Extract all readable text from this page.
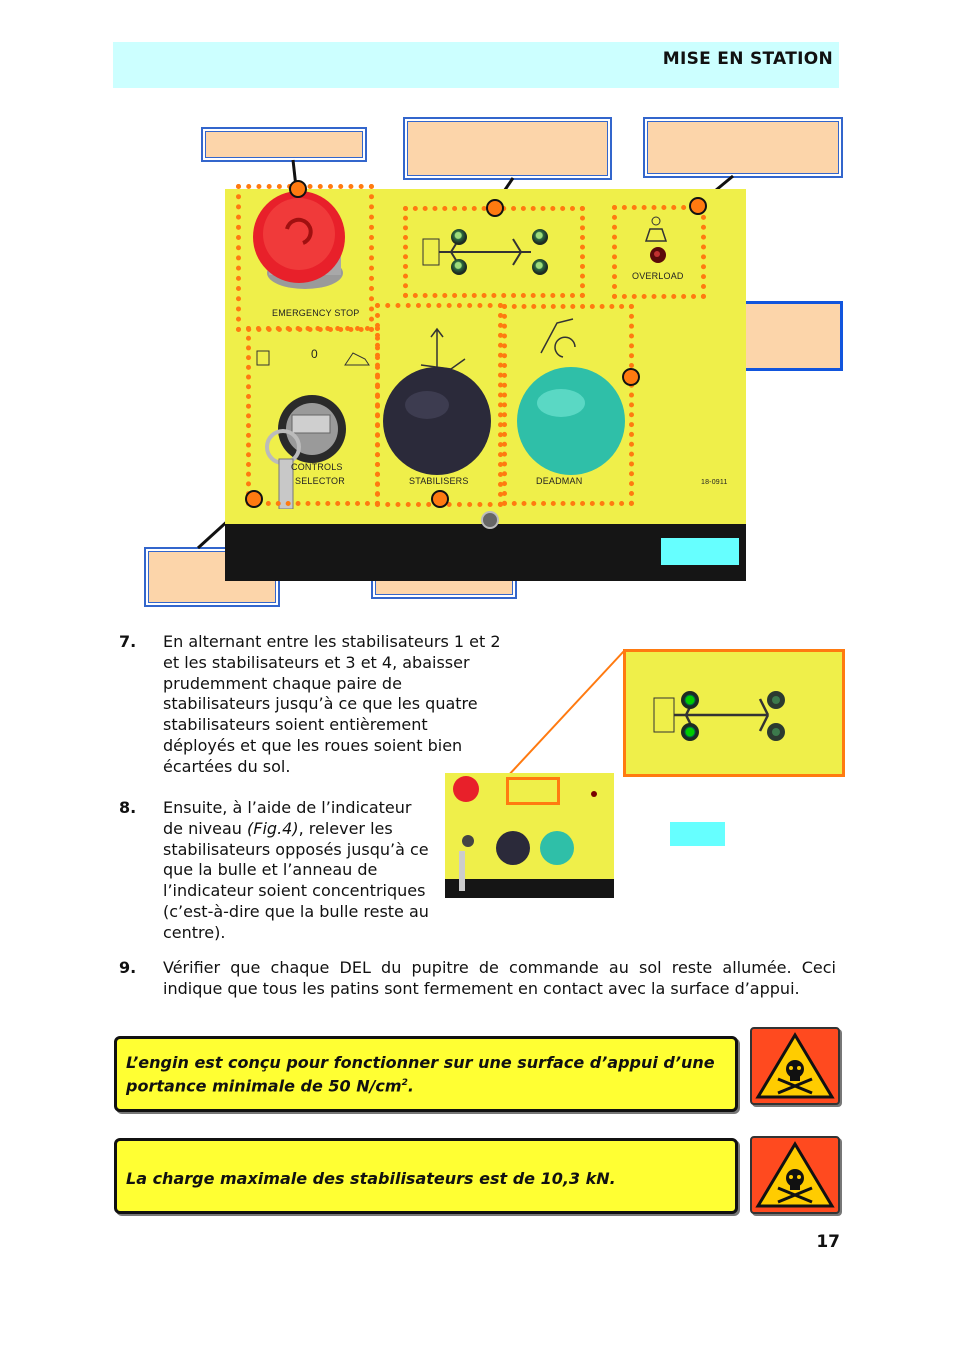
MISE EN STATION
EMERGENCY STOP
OVERLOAD
0
CONTROLS
SELECTOR	STABILISERS	DEADMAN	18-0911
7. En alternant entre les stabilisateurs 1 et 2 et les stabilisateurs et 3 et 4, abaisser prudemment chaque paire de stabilisateurs jusqu’à ce que les quatre stabilisateurs soient entièrement déployés et que les roues soient bien écartées du sol.
8. Ensuite, à l’aide de l’indicateur de niveau (Fig.4), relever les stabilisateurs opposés jusqu’à ce que la bulle et l’anneau de l’indicateur soient concentriques (c’est-à-dire que la bulle reste au centre).
9. Vérifier que chaque DEL du pupitre de commande au sol reste allumée. Ceci indique que tous les patins sont fermement en contact avec la surface d’appui.
L’engin est conçu pour fonctionner sur une surface d’appui d’une portance minimale de 50 $N/cm^2$.
La charge maximale des stabilisateurs est de 10,3 kN.
17
